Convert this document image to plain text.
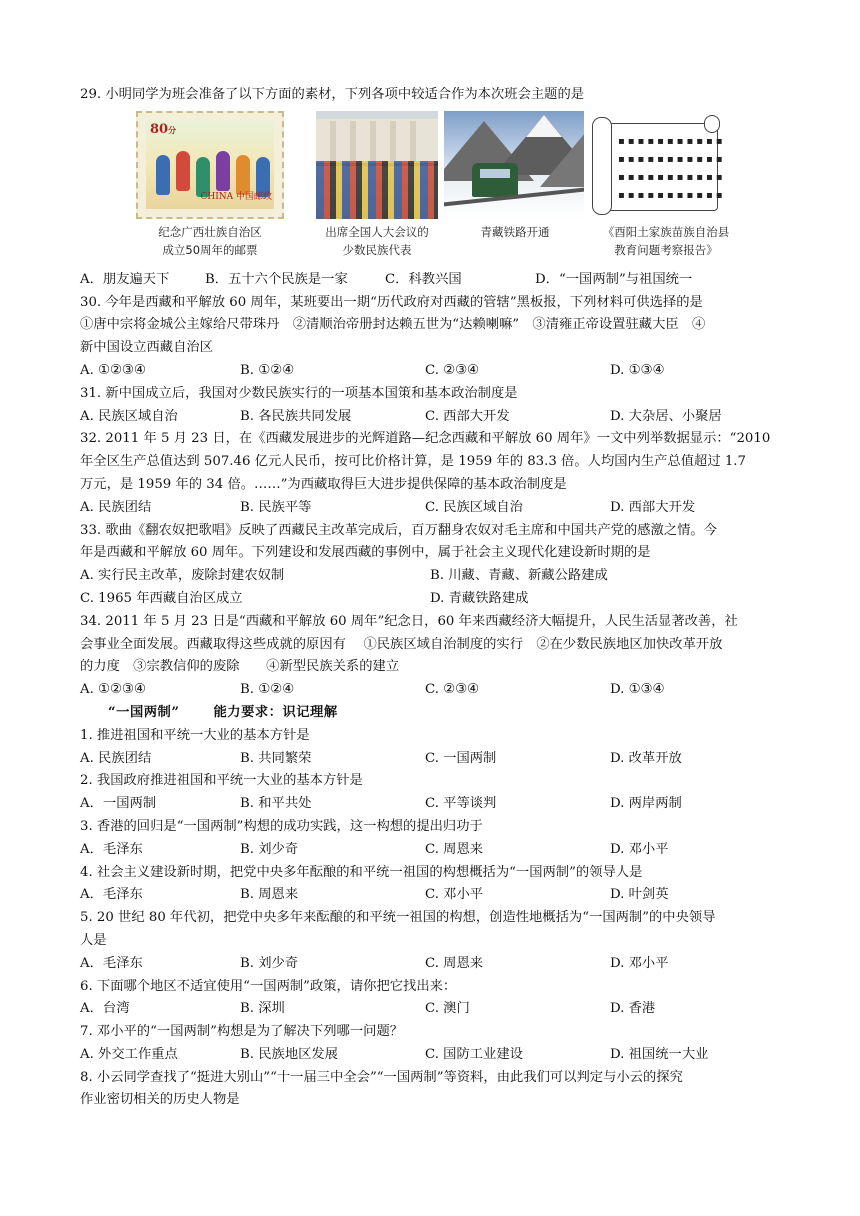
29. 小明同学为班会准备了以下方面的素材，下列各项中较适合作为本次班会主题的是
80分
CHINA 中国邮政
纪念广西壮族自治区
成立50周年的邮票
出席全国人大会议的
少数民族代表
青藏铁路开通
▪▪▪▪▪▪▪▪▪▪▪
▪▪▪▪▪▪▪▪▪▪▪
▪▪▪▪▪▪▪▪▪▪▪
▪▪▪▪▪▪▪▪▪▪▪
《酉阳土家族苗族自治县
教育问题考察报告》
A．朋友遍天下	B．五十六个民族是一家	C．科教兴国	D．“一国两制”与祖国统一
30. 今年是西藏和平解放 60 周年，某班要出一期“历代政府对西藏的管辖”黑板报，下列材料可供选择的是
①唐中宗将金城公主嫁给尺带珠丹　②清顺治帝册封达赖五世为“达赖喇嘛”　③清雍正帝设置驻藏大臣　④
新中国设立西藏自治区
A. ①②③④	B. ①②④	C. ②③④	D. ①③④
31. 新中国成立后，我国对少数民族实行的一项基本国策和基本政治制度是
A. 民族区域自治	B. 各民族共同发展	C. 西部大开发	D. 大杂居、小聚居
32. 2011 年 5 月 23 日，在《西藏发展进步的光辉道路—纪念西藏和平解放 60 周年》一文中列举数据显示：“2010
年全区生产总值达到 507.46 亿元人民币，按可比价格计算，是 1959 年的 83.3 倍。人均国内生产总值超过 1.7
万元，是 1959 年的 34 倍。……”为西藏取得巨大进步提供保障的基本政治制度是
A. 民族团结	B. 民族平等	C. 民族区域自治	D. 西部大开发
33. 歌曲《翻农奴把歌唱》反映了西藏民主改革完成后，百万翻身农奴对毛主席和中国共产党的感激之情。今
年是西藏和平解放 60 周年。下列建设和发展西藏的事例中，属于社会主义现代化建设新时期的是
A. 实行民主改革，废除封建农奴制	B. 川藏、青藏、新藏公路建成
C. 1965 年西藏自治区成立	D. 青藏铁路建成
34. 2011 年 5 月 23 日是“西藏和平解放 60 周年”纪念日，60 年来西藏经济大幅提升，人民生活显著改善，社
会事业全面发展。西藏取得这些成就的原因有　 ①民族区域自治制度的实行　②在少数民族地区加快改革开放
的力度　③宗教信仰的废除　　④新型民族关系的建立
A. ①②③④	B. ①②④	C. ②③④	D. ①③④
“一国两制”	能力要求：识记理解
1. 推进祖国和平统一大业的基本方针是
A. 民族团结	B. 共同繁荣	C. 一国两制	D. 改革开放
2. 我国政府推进祖国和平统一大业的基本方针是
A．一国两制	B. 和平共处	C. 平等谈判	D. 两岸两制
3. 香港的回归是“一国两制”构想的成功实践，这一构想的提出归功于
A．毛泽东	B. 刘少奇	C. 周恩来	D. 邓小平
4. 社会主义建设新时期，把党中央多年酝酿的和平统一祖国的构想概括为“一国两制”的领导人是
A．毛泽东	B. 周恩来	C. 邓小平	D. 叶剑英
5. 20 世纪 80 年代初，把党中央多年来酝酿的和平统一祖国的构想，创造性地概括为“一国两制”的中央领导
人是
A．毛泽东	B. 刘少奇	C. 周恩来	D. 邓小平
6. 下面哪个地区不适宜使用“一国两制”政策，请你把它找出来：
A．台湾	B. 深圳	C. 澳门	D. 香港
7. 邓小平的“一国两制”构想是为了解决下列哪一问题？
A. 外交工作重点	B. 民族地区发展	C. 国防工业建设	D. 祖国统一大业
8. 小云同学查找了“挺进大别山”“十一届三中全会”“一国两制”等资料，由此我们可以判定与小云的探究
作业密切相关的历史人物是
